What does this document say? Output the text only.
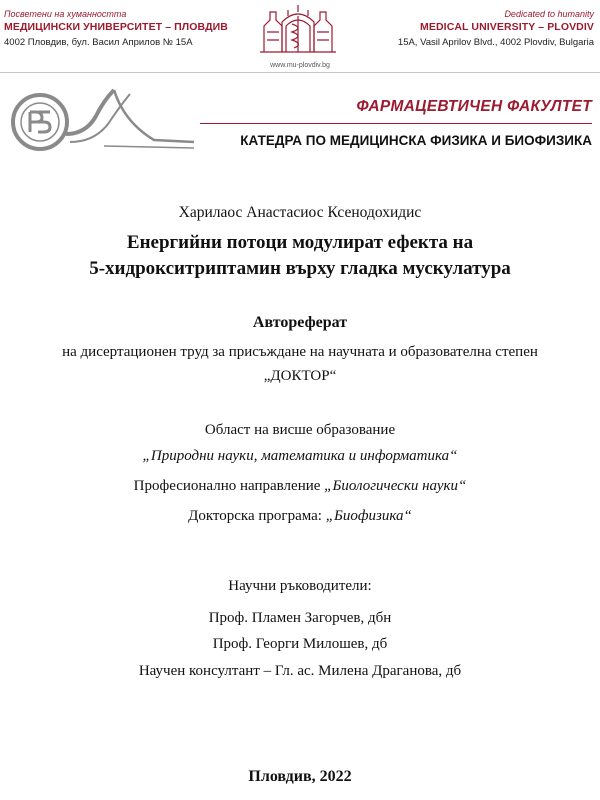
Посветени на хуманността
МЕДИЦИНСКИ УНИВЕРСИТЕТ – ПЛОВДИВ
4002 Пловдив, бул. Васил Априлов № 15А
www.mu-plovdiv.bg
Dedicated to humanity
MEDICAL UNIVERSITY – PLOVDIV
15A, Vasil Aprilov Blvd., 4002 Plovdiv, Bulgaria
ФАРМАЦЕВТИЧЕН ФАКУЛТЕТ
КАТЕДРА ПО МЕДИЦИНСКА ФИЗИКА И БИОФИЗИКА
Харилаос Анастасиос Ксенодохидис
Енергийни потоци модулират ефекта на
5-хидрокситриптамин върху гладка мускулатура
Автореферат
на дисертационен труд за присъждане на научната и образователна степен
„ДОКТОР“
Област на висше образование
„Природни науки, математика и информатика“
Професионално направление „Биологически науки“
Докторска програма: „Биофизика“
Научни ръководители:
Проф. Пламен Загорчев, дбн
Проф. Георги Милошев, дб
Научен консултант – Гл. ас. Милена Драганова, дб
Пловдив, 2022
